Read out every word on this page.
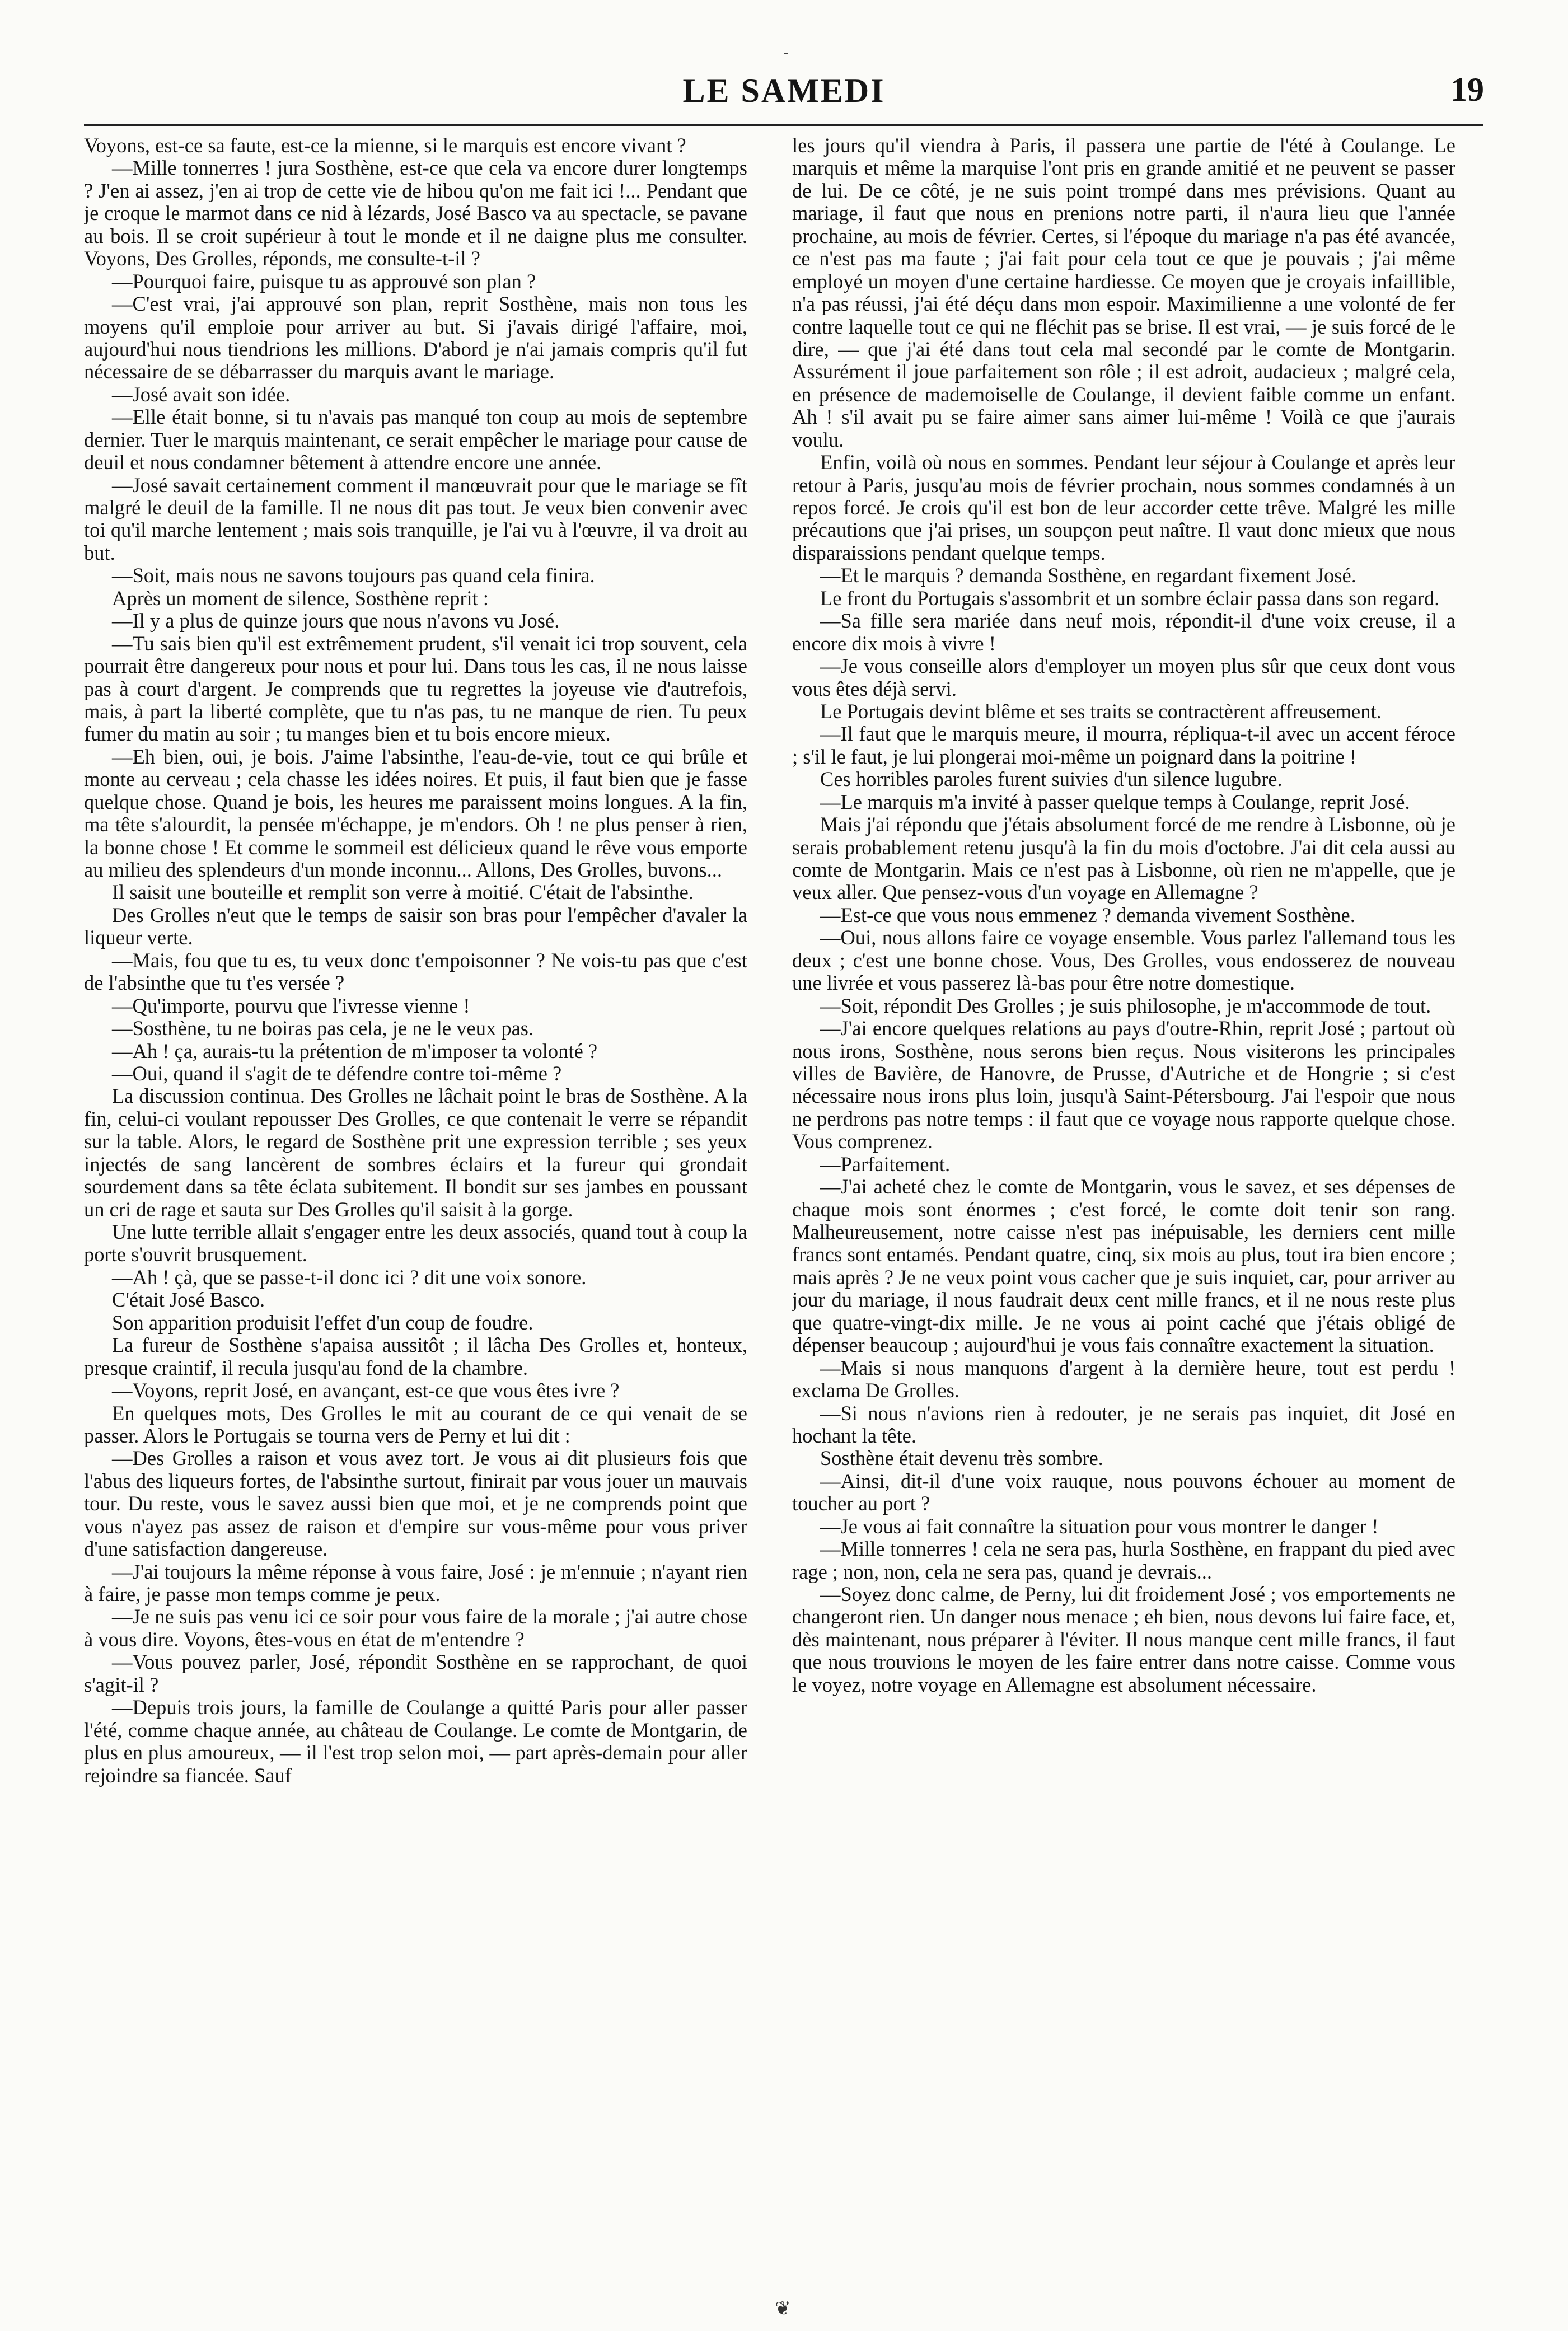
-
LE SAMEDI	19

Voyons, est-ce sa faute, est-ce la mienne, si le marquis est encore vivant ?

—Mille tonnerres ! jura Sosthène, est-ce que cela va encore durer longtemps ? J'en ai assez, j'en ai trop de cette vie de hibou qu'on me fait ici !... Pendant que je croque le marmot dans ce nid à lézards, José Basco va au spectacle, se pavane au bois. Il se croit supérieur à tout le monde et il ne daigne plus me consulter. Voyons, Des Grolles, réponds, me consulte-t-il ?

—Pourquoi faire, puisque tu as approuvé son plan ?

—C'est vrai, j'ai approuvé son plan, reprit Sosthène, mais non tous les moyens qu'il emploie pour arriver au but. Si j'avais dirigé l'affaire, moi, aujourd'hui nous tiendrions les millions. D'abord je n'ai jamais compris qu'il fut nécessaire de se débarrasser du marquis avant le mariage.

—José avait son idée.

—Elle était bonne, si tu n'avais pas manqué ton coup au mois de septembre dernier. Tuer le marquis maintenant, ce serait empêcher le mariage pour cause de deuil et nous condamner bêtement à attendre encore une année.

—José savait certainement comment il manœuvrait pour que le mariage se fît malgré le deuil de la famille. Il ne nous dit pas tout. Je veux bien convenir avec toi qu'il marche lentement ; mais sois tranquille, je l'ai vu à l'œuvre, il va droit au but.

—Soit, mais nous ne savons toujours pas quand cela finira.

Après un moment de silence, Sosthène reprit :

—Il y a plus de quinze jours que nous n'avons vu José.

—Tu sais bien qu'il est extrêmement prudent, s'il venait ici trop souvent, cela pourrait être dangereux pour nous et pour lui. Dans tous les cas, il ne nous laisse pas à court d'argent. Je comprends que tu regrettes la joyeuse vie d'autrefois, mais, à part la liberté complète, que tu n'as pas, tu ne manque de rien. Tu peux fumer du matin au soir ; tu manges bien et tu bois encore mieux.

—Eh bien, oui, je bois. J'aime l'absinthe, l'eau-de-vie, tout ce qui brûle et monte au cerveau ; cela chasse les idées noires. Et puis, il faut bien que je fasse quelque chose. Quand je bois, les heures me paraissent moins longues. A la fin, ma tête s'alourdit, la pensée m'échappe, je m'endors. Oh ! ne plus penser à rien, la bonne chose ! Et comme le sommeil est délicieux quand le rêve vous emporte au milieu des splendeurs d'un monde inconnu... Allons, Des Grolles, buvons...

Il saisit une bouteille et remplit son verre à moitié. C'était de l'absinthe.

Des Grolles n'eut que le temps de saisir son bras pour l'empêcher d'avaler la liqueur verte.

—Mais, fou que tu es, tu veux donc t'empoisonner ? Ne vois-tu pas que c'est de l'absinthe que tu t'es versée ?

—Qu'importe, pourvu que l'ivresse vienne !

—Sosthène, tu ne boiras pas cela, je ne le veux pas.

—Ah ! ça, aurais-tu la prétention de m'imposer ta volonté ?

—Oui, quand il s'agit de te défendre contre toi-même ?

La discussion continua. Des Grolles ne lâchait point le bras de Sosthène. A la fin, celui-ci voulant repousser Des Grolles, ce que contenait le verre se répandit sur la table. Alors, le regard de Sosthène prit une expression terrible ; ses yeux injectés de sang lancèrent de sombres éclairs et la fureur qui grondait sourdement dans sa tête éclata subitement. Il bondit sur ses jambes en poussant un cri de rage et sauta sur Des Grolles qu'il saisit à la gorge.

Une lutte terrible allait s'engager entre les deux associés, quand tout à coup la porte s'ouvrit brusquement.

—Ah ! çà, que se passe-t-il donc ici ? dit une voix sonore.

C'était José Basco.

Son apparition produisit l'effet d'un coup de foudre.

La fureur de Sosthène s'apaisa aussitôt ; il lâcha Des Grolles et, honteux, presque craintif, il recula jusqu'au fond de la chambre.

—Voyons, reprit José, en avançant, est-ce que vous êtes ivre ?

En quelques mots, Des Grolles le mit au courant de ce qui venait de se passer. Alors le Portugais se tourna vers de Perny et lui dit :

—Des Grolles a raison et vous avez tort. Je vous ai dit plusieurs fois que l'abus des liqueurs fortes, de l'absinthe surtout, finirait par vous jouer un mauvais tour. Du reste, vous le savez aussi bien que moi, et je ne comprends point que vous n'ayez pas assez de raison et d'empire sur vous-même pour vous priver d'une satisfaction dangereuse.

—J'ai toujours la même réponse à vous faire, José : je m'ennuie ; n'ayant rien à faire, je passe mon temps comme je peux.

—Je ne suis pas venu ici ce soir pour vous faire de la morale ; j'ai autre chose à vous dire. Voyons, êtes-vous en état de m'entendre ?

—Vous pouvez parler, José, répondit Sosthène en se rapprochant, de quoi s'agit-il ?

—Depuis trois jours, la famille de Coulange a quitté Paris pour aller passer l'été, comme chaque année, au château de Coulange. Le comte de Montgarin, de plus en plus amoureux, — il l'est trop selon moi, — part après-demain pour aller rejoindre sa fiancée. Sauf

les jours qu'il viendra à Paris, il passera une partie de l'été à Coulange. Le marquis et même la marquise l'ont pris en grande amitié et ne peuvent se passer de lui. De ce côté, je ne suis point trompé dans mes prévisions. Quant au mariage, il faut que nous en prenions notre parti, il n'aura lieu que l'année prochaine, au mois de février. Certes, si l'époque du mariage n'a pas été avancée, ce n'est pas ma faute ; j'ai fait pour cela tout ce que je pouvais ; j'ai même employé un moyen d'une certaine hardiesse. Ce moyen que je croyais infaillible, n'a pas réussi, j'ai été déçu dans mon espoir. Maximilienne a une volonté de fer contre laquelle tout ce qui ne fléchit pas se brise. Il est vrai, — je suis forcé de le dire, — que j'ai été dans tout cela mal secondé par le comte de Montgarin. Assurément il joue parfaitement son rôle ; il est adroit, audacieux ; malgré cela, en présence de mademoiselle de Coulange, il devient faible comme un enfant. Ah ! s'il avait pu se faire aimer sans aimer lui-même ! Voilà ce que j'aurais voulu.

Enfin, voilà où nous en sommes. Pendant leur séjour à Coulange et après leur retour à Paris, jusqu'au mois de février prochain, nous sommes condamnés à un repos forcé. Je crois qu'il est bon de leur accorder cette trêve. Malgré les mille précautions que j'ai prises, un soupçon peut naître. Il vaut donc mieux que nous disparaissions pendant quelque temps.

—Et le marquis ? demanda Sosthène, en regardant fixement José.

Le front du Portugais s'assombrit et un sombre éclair passa dans son regard.

—Sa fille sera mariée dans neuf mois, répondit-il d'une voix creuse, il a encore dix mois à vivre !

—Je vous conseille alors d'employer un moyen plus sûr que ceux dont vous vous êtes déjà servi.

Le Portugais devint blême et ses traits se contractèrent affreusement.

—Il faut que le marquis meure, il mourra, répliqua-t-il avec un accent féroce ; s'il le faut, je lui plongerai moi-même un poignard dans la poitrine !

Ces horribles paroles furent suivies d'un silence lugubre.

—Le marquis m'a invité à passer quelque temps à Coulange, reprit José.

Mais j'ai répondu que j'étais absolument forcé de me rendre à Lisbonne, où je serais probablement retenu jusqu'à la fin du mois d'octobre. J'ai dit cela aussi au comte de Montgarin. Mais ce n'est pas à Lisbonne, où rien ne m'appelle, que je veux aller. Que pensez-vous d'un voyage en Allemagne ?

—Est-ce que vous nous emmenez ? demanda vivement Sosthène.

—Oui, nous allons faire ce voyage ensemble. Vous parlez l'allemand tous les deux ; c'est une bonne chose. Vous, Des Grolles, vous endosserez de nouveau une livrée et vous passerez là-bas pour être notre domestique.

—Soit, répondit Des Grolles ; je suis philosophe, je m'accommode de tout.

—J'ai encore quelques relations au pays d'outre-Rhin, reprit José ; partout où nous irons, Sosthène, nous serons bien reçus. Nous visiterons les principales villes de Bavière, de Hanovre, de Prusse, d'Autriche et de Hongrie ; si c'est nécessaire nous irons plus loin, jusqu'à Saint-Pétersbourg. J'ai l'espoir que nous ne perdrons pas notre temps : il faut que ce voyage nous rapporte quelque chose. Vous comprenez.

—Parfaitement.

—J'ai acheté chez le comte de Montgarin, vous le savez, et ses dépenses de chaque mois sont énormes ; c'est forcé, le comte doit tenir son rang. Malheureusement, notre caisse n'est pas inépuisable, les derniers cent mille francs sont entamés. Pendant quatre, cinq, six mois au plus, tout ira bien encore ; mais après ? Je ne veux point vous cacher que je suis inquiet, car, pour arriver au jour du mariage, il nous faudrait deux cent mille francs, et il ne nous reste plus que quatre-vingt-dix mille. Je ne vous ai point caché que j'étais obligé de dépenser beaucoup ; aujourd'hui je vous fais connaître exactement la situation.

—Mais si nous manquons d'argent à la dernière heure, tout est perdu ! exclama De Grolles.

—Si nous n'avions rien à redouter, je ne serais pas inquiet, dit José en hochant la tête.

Sosthène était devenu très sombre.

—Ainsi, dit-il d'une voix rauque, nous pouvons échouer au moment de toucher au port ?

—Je vous ai fait connaître la situation pour vous montrer le danger !

—Mille tonnerres ! cela ne sera pas, hurla Sosthène, en frappant du pied avec rage ; non, non, cela ne sera pas, quand je devrais...

—Soyez donc calme, de Perny, lui dit froidement José ; vos emportements ne changeront rien. Un danger nous menace ; eh bien, nous devons lui faire face, et, dès maintenant, nous préparer à l'éviter. Il nous manque cent mille francs, il faut que nous trouvions le moyen de les faire entrer dans notre caisse. Comme vous le voyez, notre voyage en Allemagne est absolument nécessaire.

❦
